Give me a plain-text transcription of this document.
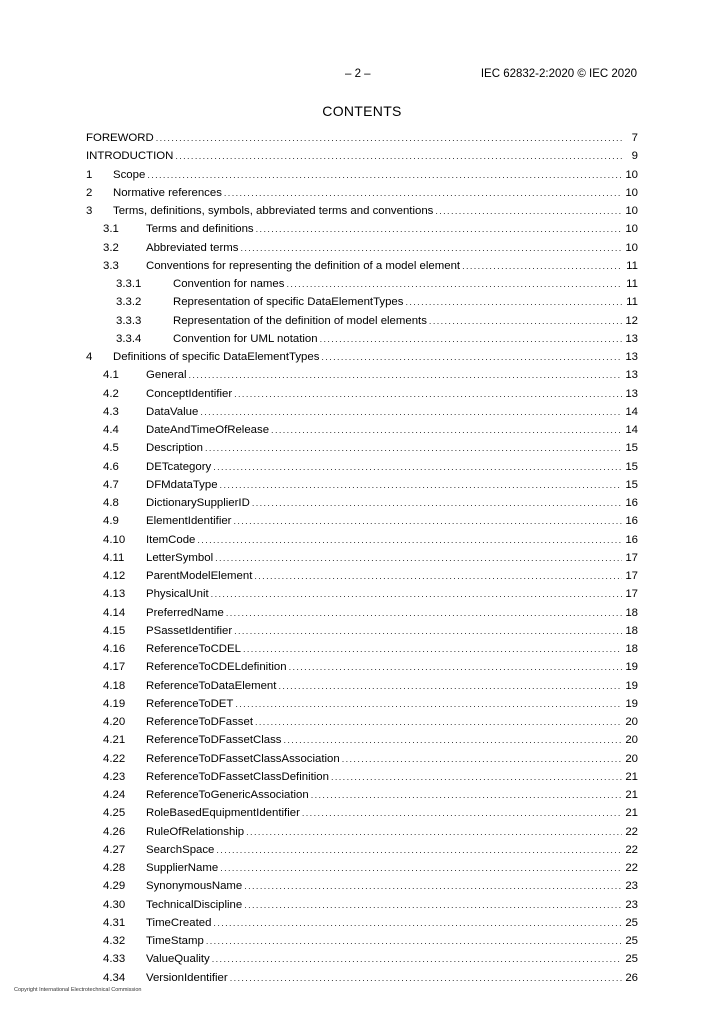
– 2 –	IEC 62832-2:2020 © IEC 2020
CONTENTS
FOREWORD .....	7
INTRODUCTION .....	9
1	Scope .....	10
2	Normative references .....	10
3	Terms, definitions, symbols, abbreviated terms and conventions .....	10
3.1	Terms and definitions .....	10
3.2	Abbreviated terms .....	10
3.3	Conventions for representing the definition of a model element .....	11
3.3.1	Convention for names .....	11
3.3.2	Representation of specific DataElementTypes .....	11
3.3.3	Representation of the definition of model elements .....	12
3.3.4	Convention for UML notation .....	13
4	Definitions of specific DataElementTypes .....	13
4.1	General .....	13
4.2	ConceptIdentifier .....	13
4.3	DataValue .....	14
4.4	DateAndTimeOfRelease .....	14
4.5	Description .....	15
4.6	DETcategory .....	15
4.7	DFMdataType .....	15
4.8	DictionarySupplierID .....	16
4.9	ElementIdentifier .....	16
4.10	ItemCode .....	16
4.11	LetterSymbol .....	17
4.12	ParentModelElement .....	17
4.13	PhysicalUnit .....	17
4.14	PreferredName .....	18
4.15	PSassetIdentifier .....	18
4.16	ReferenceToCDEL .....	18
4.17	ReferenceToCDELdefinition .....	19
4.18	ReferenceToDataElement .....	19
4.19	ReferenceToDET .....	19
4.20	ReferenceToDFasset .....	20
4.21	ReferenceToDFassetClass .....	20
4.22	ReferenceToDFassetClassAssociation .....	20
4.23	ReferenceToDFassetClassDefinition .....	21
4.24	ReferenceToGenericAssociation .....	21
4.25	RoleBasedEquipmentIdentifier .....	21
4.26	RuleOfRelationship .....	22
4.27	SearchSpace .....	22
4.28	SupplierName .....	22
4.29	SynonymousName .....	23
4.30	TechnicalDiscipline .....	23
4.31	TimeCreated .....	25
4.32	TimeStamp .....	25
4.33	ValueQuality .....	25
4.34	VersionIdentifier .....	26
Copyright International Electrotechnical Commission
